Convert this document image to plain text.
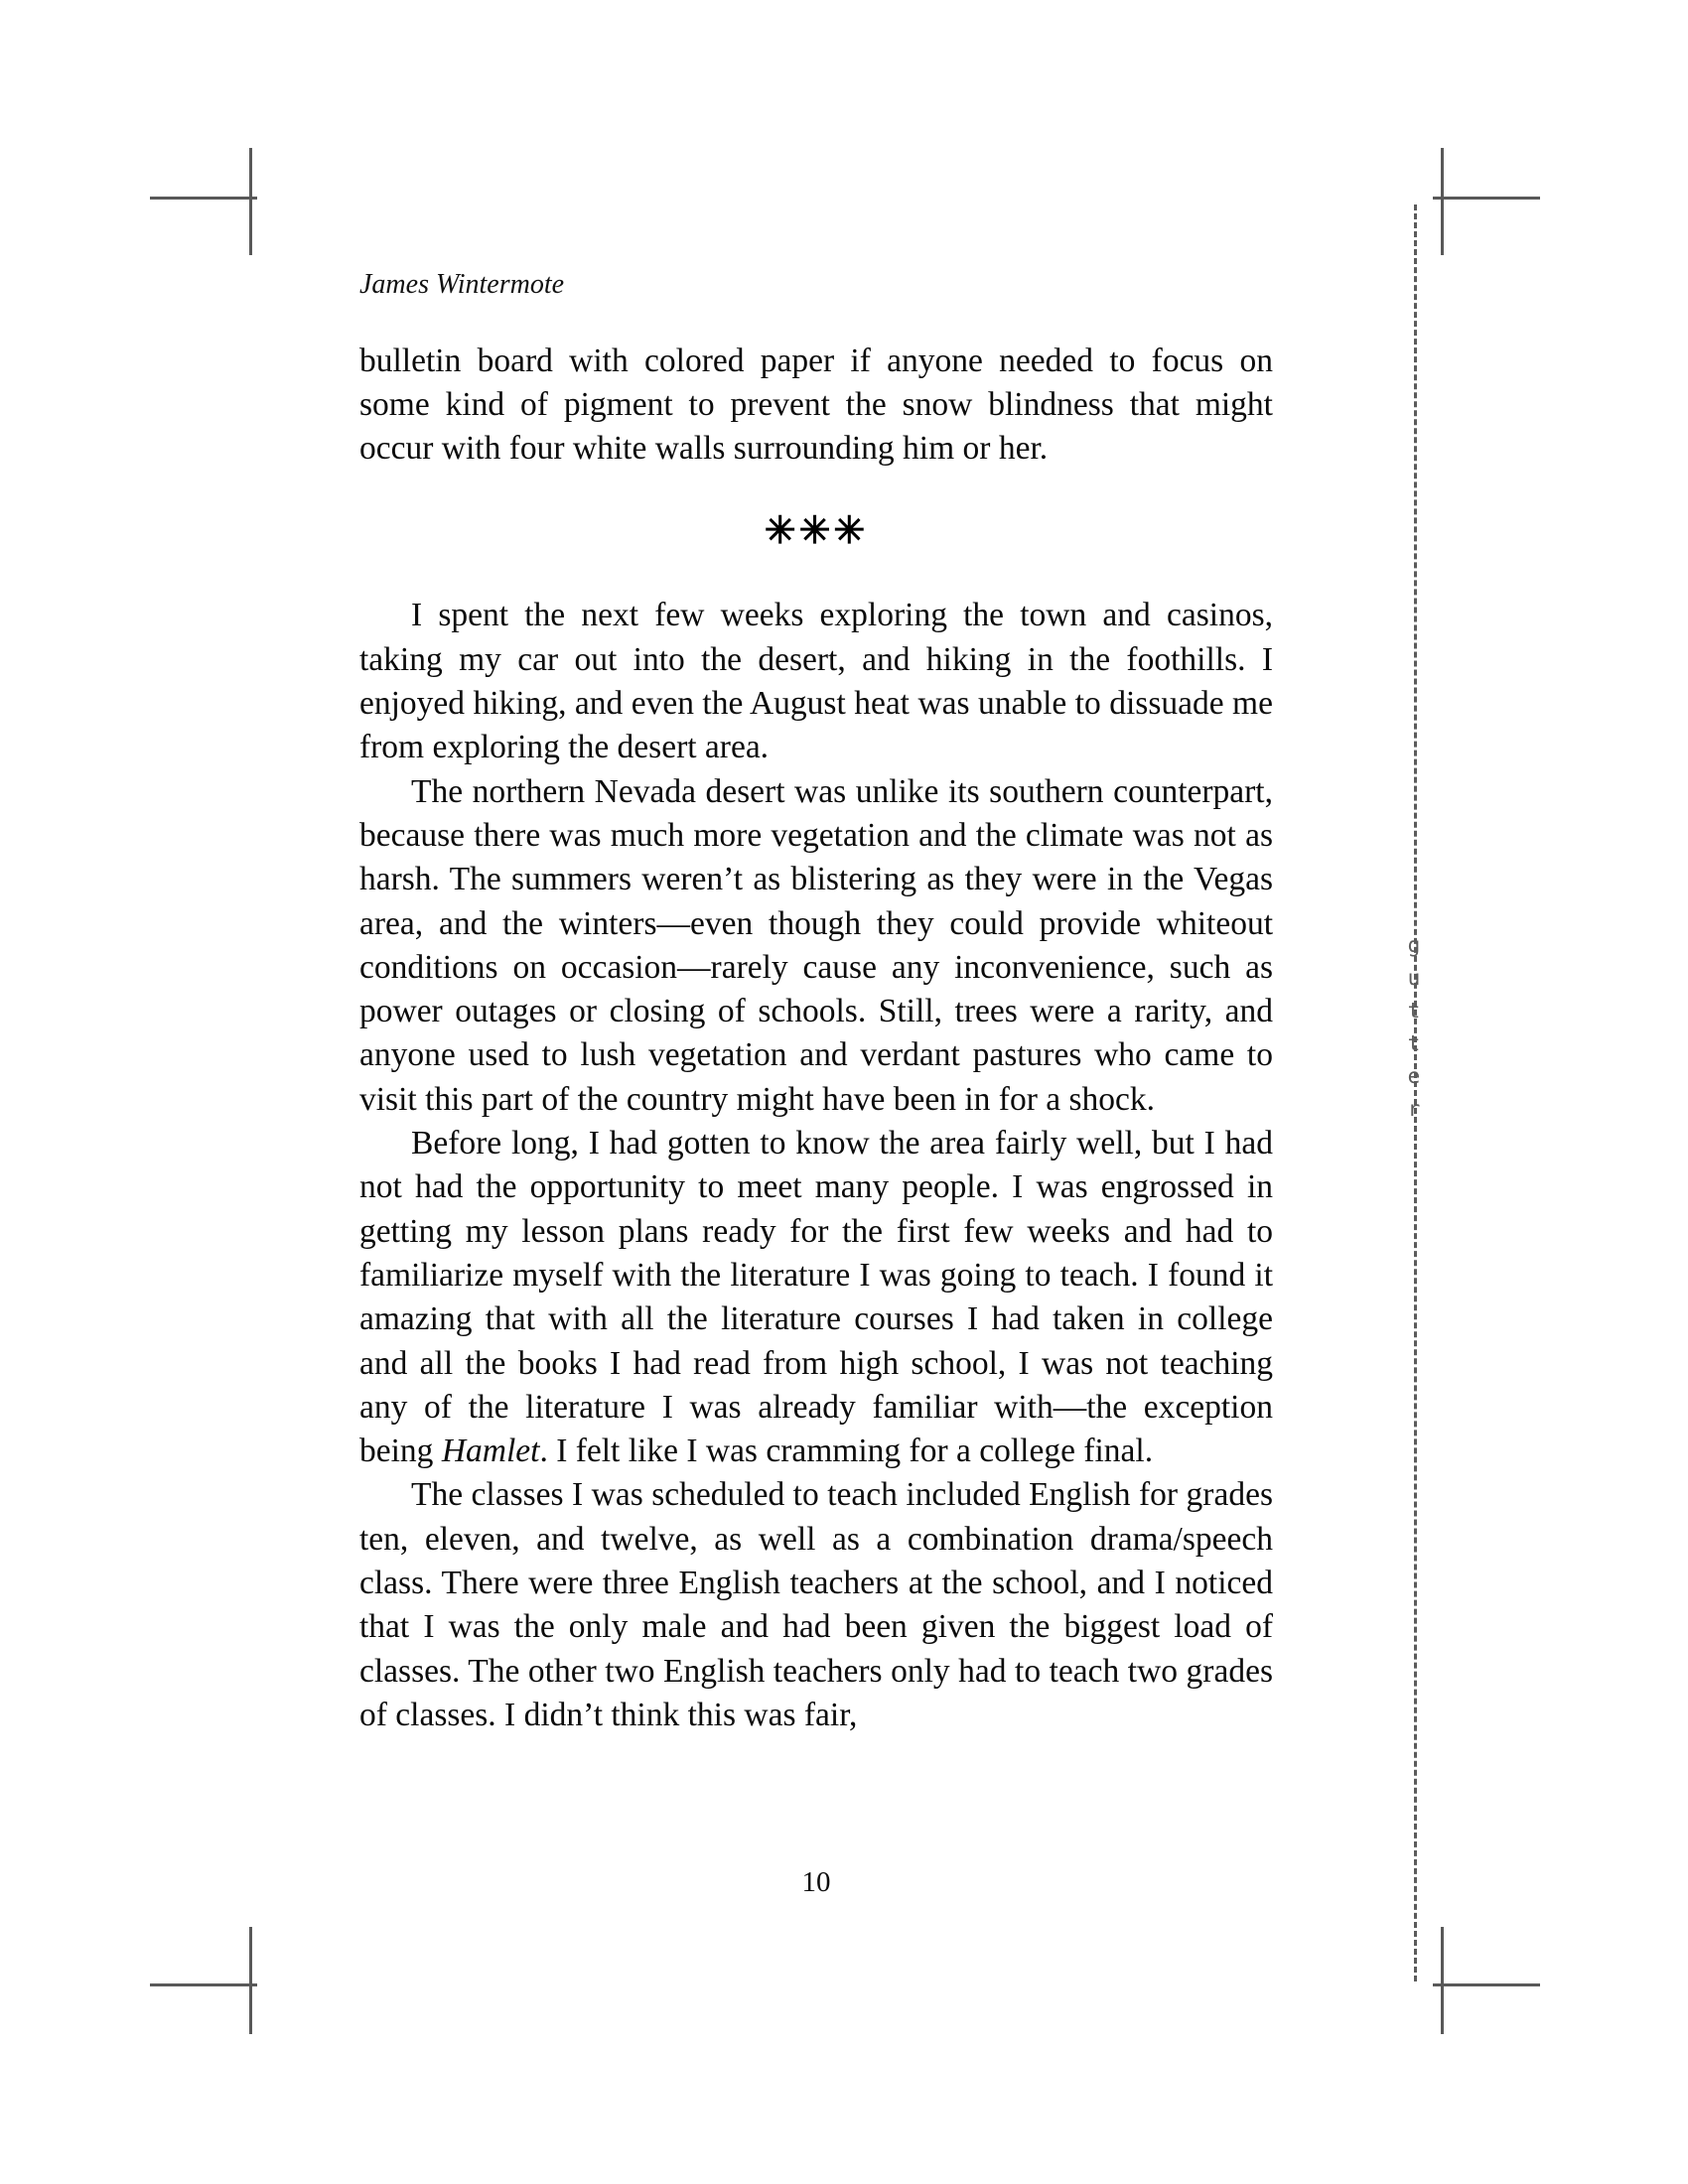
gutter
James Wintermote

bulletin board with colored paper if anyone needed to focus on some kind of pigment to prevent the snow blindness that might occur with four white walls surrounding him or her.

✳✳✳

I spent the next few weeks exploring the town and casinos, taking my car out into the desert, and hiking in the foothills. I enjoyed hiking, and even the August heat was unable to dissuade me from exploring the desert area.

The northern Nevada desert was unlike its southern counterpart, because there was much more vegetation and the climate was not as harsh. The summers weren’t as blistering as they were in the Vegas area, and the winters—even though they could provide whiteout conditions on occasion—rarely cause any inconvenience, such as power outages or closing of schools. Still, trees were a rarity, and anyone used to lush vegetation and verdant pastures who came to visit this part of the country might have been in for a shock.

Before long, I had gotten to know the area fairly well, but I had not had the opportunity to meet many people. I was engrossed in getting my lesson plans ready for the first few weeks and had to familiarize myself with the literature I was going to teach. I found it amazing that with all the literature courses I had taken in college and all the books I had read from high school, I was not teaching any of the literature I was already familiar with—the exception being Hamlet. I felt like I was cramming for a college final.

The classes I was scheduled to teach included English for grades ten, eleven, and twelve, as well as a combination drama/speech class. There were three English teachers at the school, and I noticed that I was the only male and had been given the biggest load of classes. The other two English teachers only had to teach two grades of classes. I didn’t think this was fair,

10
